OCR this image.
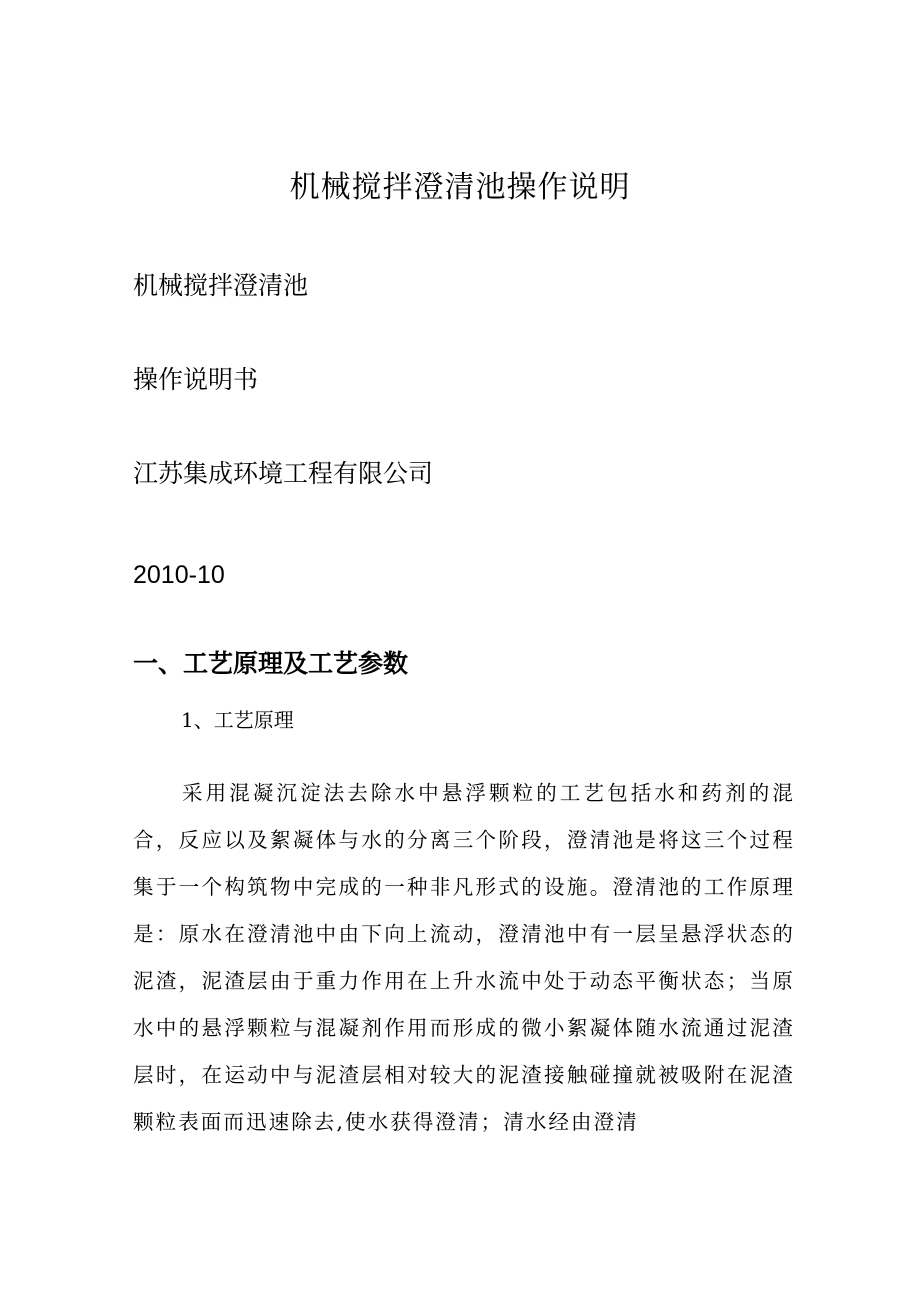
机械搅拌澄清池操作说明
机械搅拌澄清池
操作说明书
江苏集成环境工程有限公司
2010-10
一、工艺原理及工艺参数
1、工艺原理

采用混凝沉淀法去除水中悬浮颗粒的工艺包括水和药剂的混合，反应以及絮凝体与水的分离三个阶段，澄清池是将这三个过程集于一个构筑物中完成的一种非凡形式的设施。澄清池的工作原理是：原水在澄清池中由下向上流动，澄清池中有一层呈悬浮状态的泥渣，泥渣层由于重力作用在上升水流中处于动态平衡状态；当原水中的悬浮颗粒与混凝剂作用而形成的微小絮凝体随水流通过泥渣层时，在运动中与泥渣层相对较大的泥渣接触碰撞就被吸附在泥渣颗粒表面而迅速除去,使水获得澄清；清水经由澄清
